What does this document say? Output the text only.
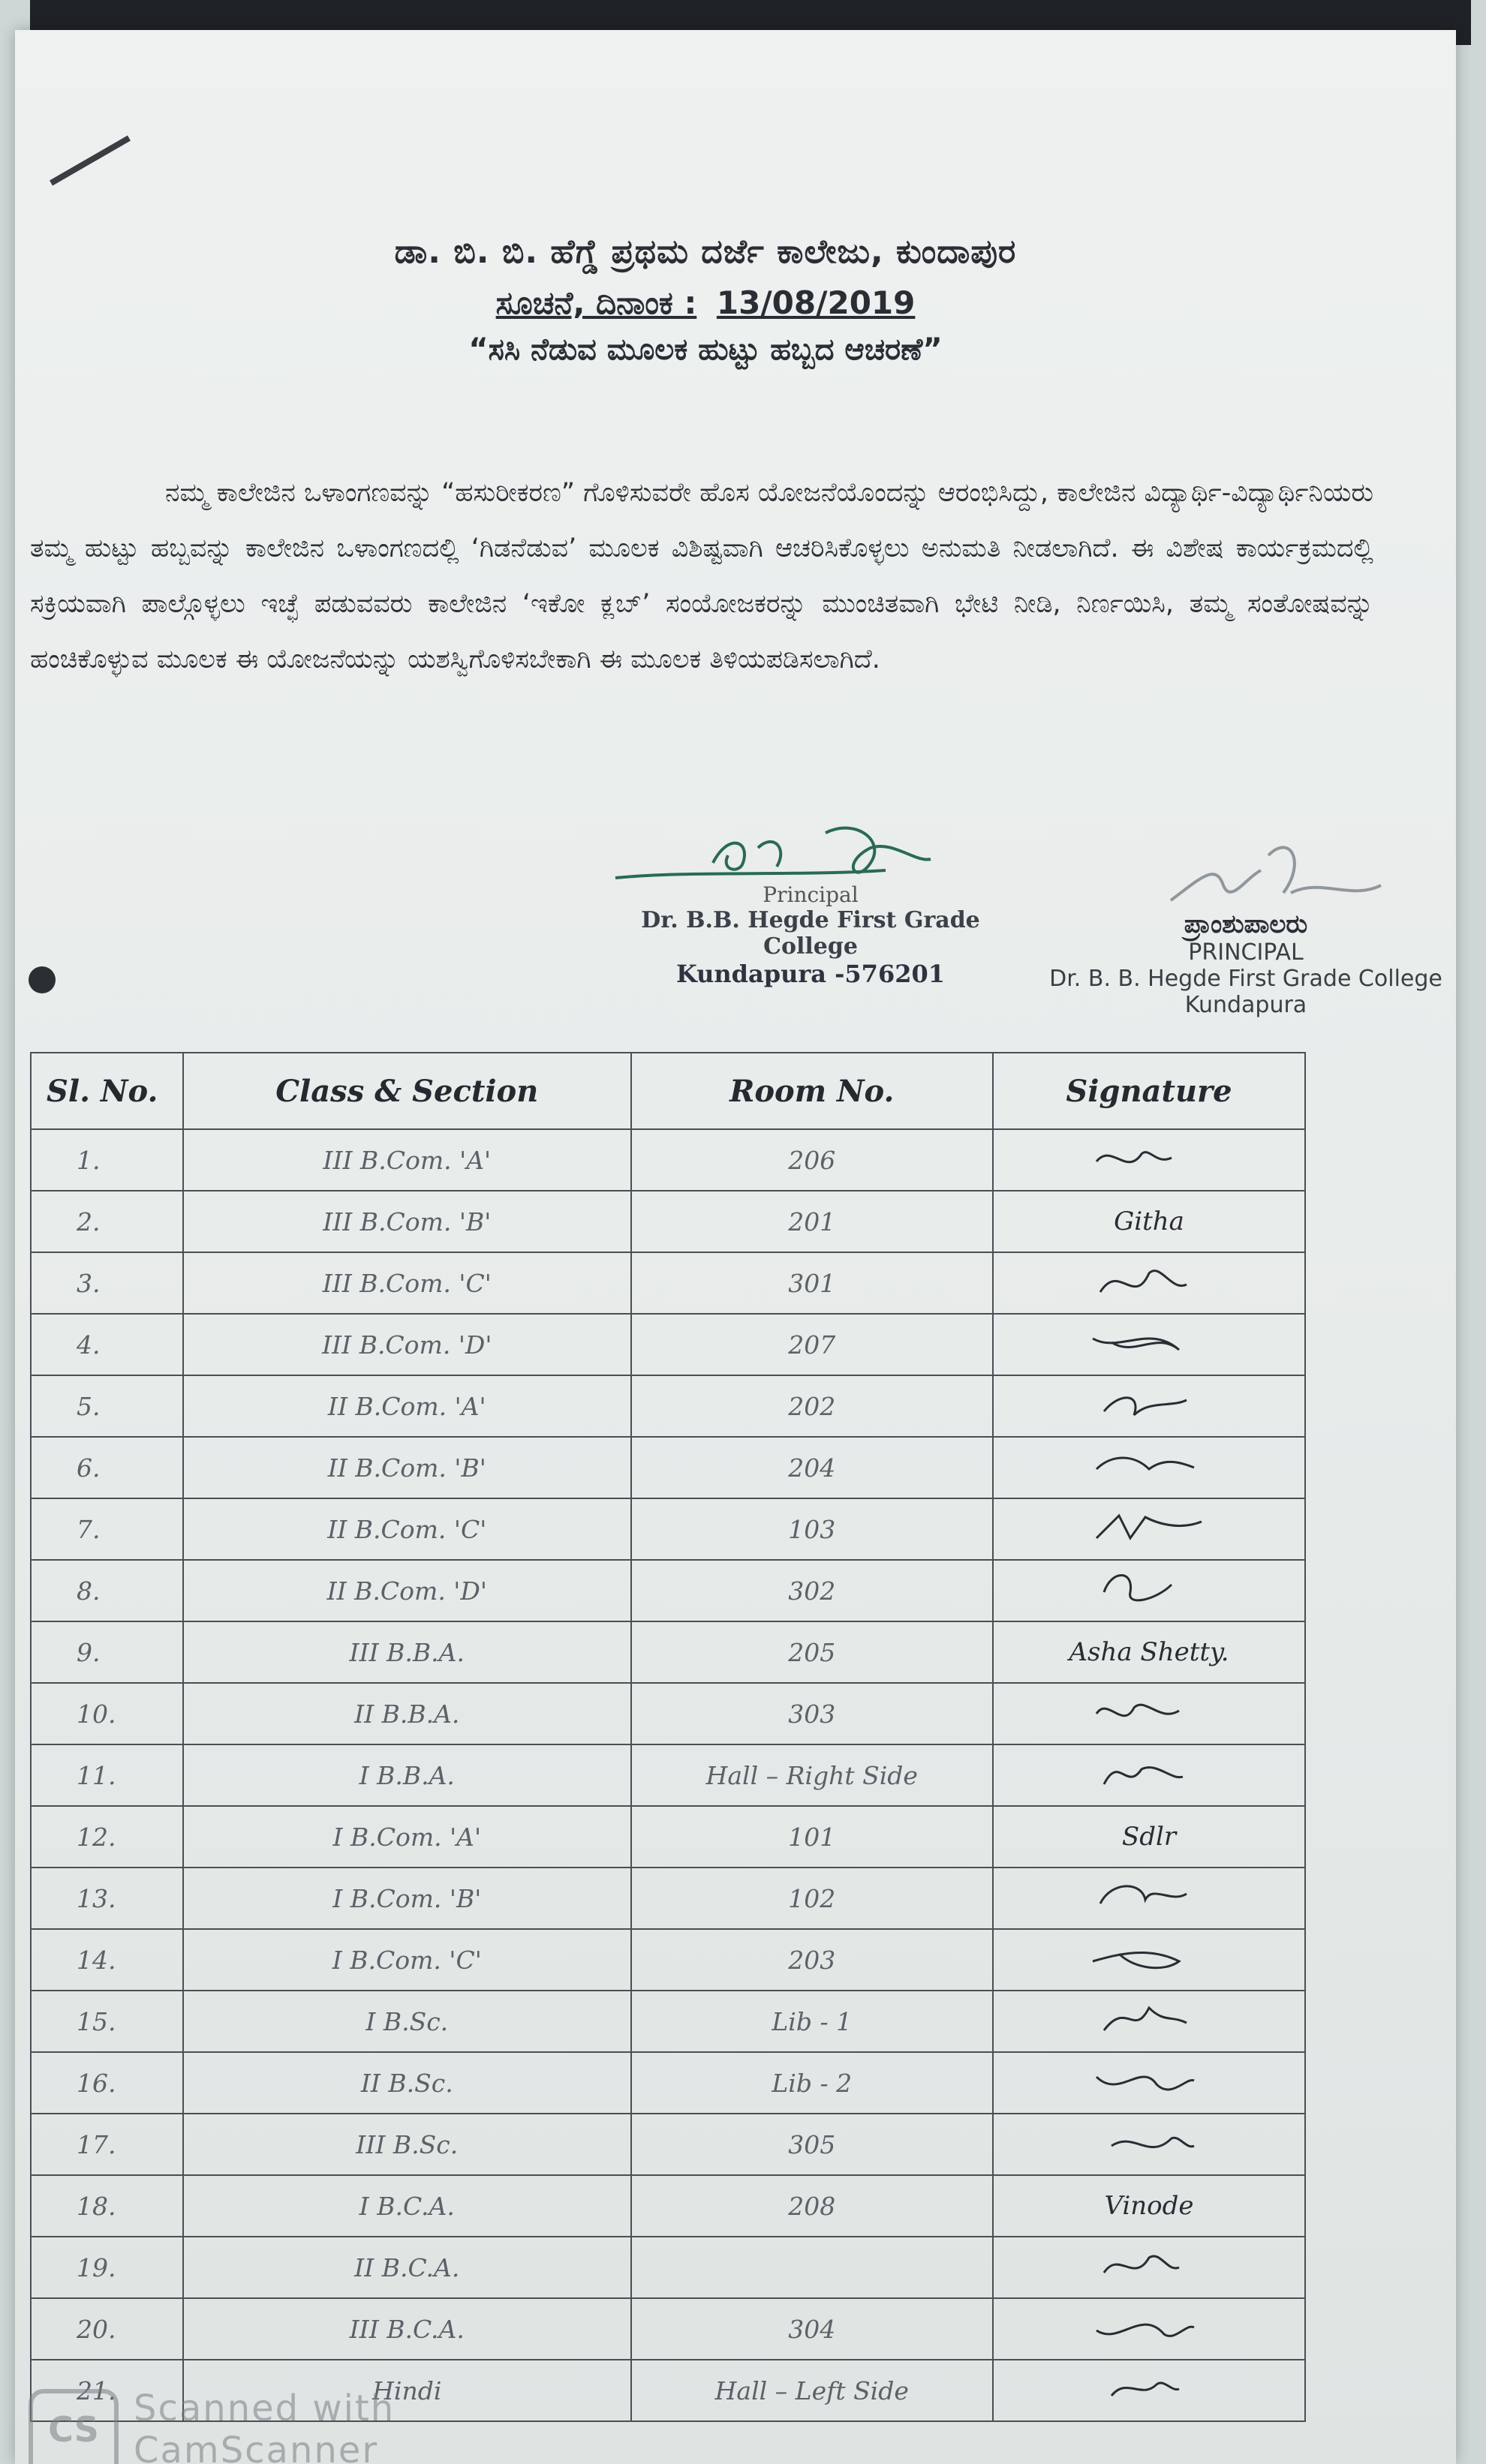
ಡಾ. ಬಿ. ಬಿ. ಹೆಗ್ಡೆ ಪ್ರಥಮ ದರ್ಜೆ ಕಾಲೇಜು, ಕುಂದಾಪುರ
ಸೂಚನೆ, ದಿನಾಂಕ : 13/08/2019
“ಸಸಿ ನೆಡುವ ಮೂಲಕ ಹುಟ್ಟು ಹಬ್ಬದ ಆಚರಣೆ”
ನಮ್ಮ ಕಾಲೇಜಿನ ಒಳಾಂಗಣವನ್ನು “ಹಸುರೀಕರಣ” ಗೊಳಿಸುವರೇ ಹೊಸ ಯೋಜನೆಯೊಂದನ್ನು ಆರಂಭಿಸಿದ್ದು, ಕಾಲೇಜಿನ ವಿದ್ಯಾರ್ಥಿ-ವಿದ್ಯಾರ್ಥಿನಿಯರು ತಮ್ಮ ಹುಟ್ಟು ಹಬ್ಬವನ್ನು ಕಾಲೇಜಿನ ಒಳಾಂಗಣದಲ್ಲಿ ‘ಗಿಡನೆಡುವ’ ಮೂಲಕ ವಿಶಿಷ್ಟವಾಗಿ ಆಚರಿಸಿಕೊಳ್ಳಲು ಅನುಮತಿ ನೀಡಲಾಗಿದೆ. ಈ ವಿಶೇಷ ಕಾರ್ಯಕ್ರಮದಲ್ಲಿ ಸಕ್ರಿಯವಾಗಿ ಪಾಲ್ಗೊಳ್ಳಲು ಇಚ್ಛೆ ಪಡುವವರು ಕಾಲೇಜಿನ ‘ಇಕೋ ಕ್ಲಬ್’ ಸಂಯೋಜಕರನ್ನು ಮುಂಚಿತವಾಗಿ ಭೇಟಿ ನೀಡಿ, ನಿರ್ಣಯಿಸಿ, ತಮ್ಮ ಸಂತೋಷವನ್ನು ಹಂಚಿಕೊಳ್ಳುವ ಮೂಲಕ ಈ ಯೋಜನೆಯನ್ನು ಯಶಸ್ವಿಗೊಳಿಸಬೇಕಾಗಿ ಈ ಮೂಲಕ ತಿಳಿಯಪಡಿಸಲಾಗಿದೆ.
Principal
Dr. B.B. Hegde First Grade College
Kundapura -576201
ಪ್ರಾಂಶುಪಾಲರು
PRINCIPAL
Dr. B. B. Hegde First Grade College
Kundapura
Sl. No.	Class & Section	Room No.	Signature
1.	III B.Com. 'A'	206	

2.	III B.Com. 'B'	201	Githa
3.	III B.Com. 'C'	301	

4.	III B.Com. 'D'	207	

5.	II B.Com. 'A'	202	

6.	II B.Com. 'B'	204	

7.	II B.Com. 'C'	103	

8.	II B.Com. 'D'	302	

9.	III B.B.A.	205	Asha Shetty.
10.	II B.B.A.	303	

11.	I B.B.A.	Hall – Right Side	

12.	I B.Com. 'A'	101	Sdlr
13.	I B.Com. 'B'	102	

14.	I B.Com. 'C'	203	

15.	I B.Sc.	Lib - 1	

16.	II B.Sc.	Lib - 2	

17.	III B.Sc.	305	

18.	I B.C.A.	208	Vinode
19.	II B.C.A.		

20.	III B.C.A.	304	

21.	Hindi	Hall – Left Side	
CS Scanned with
CamScanner
